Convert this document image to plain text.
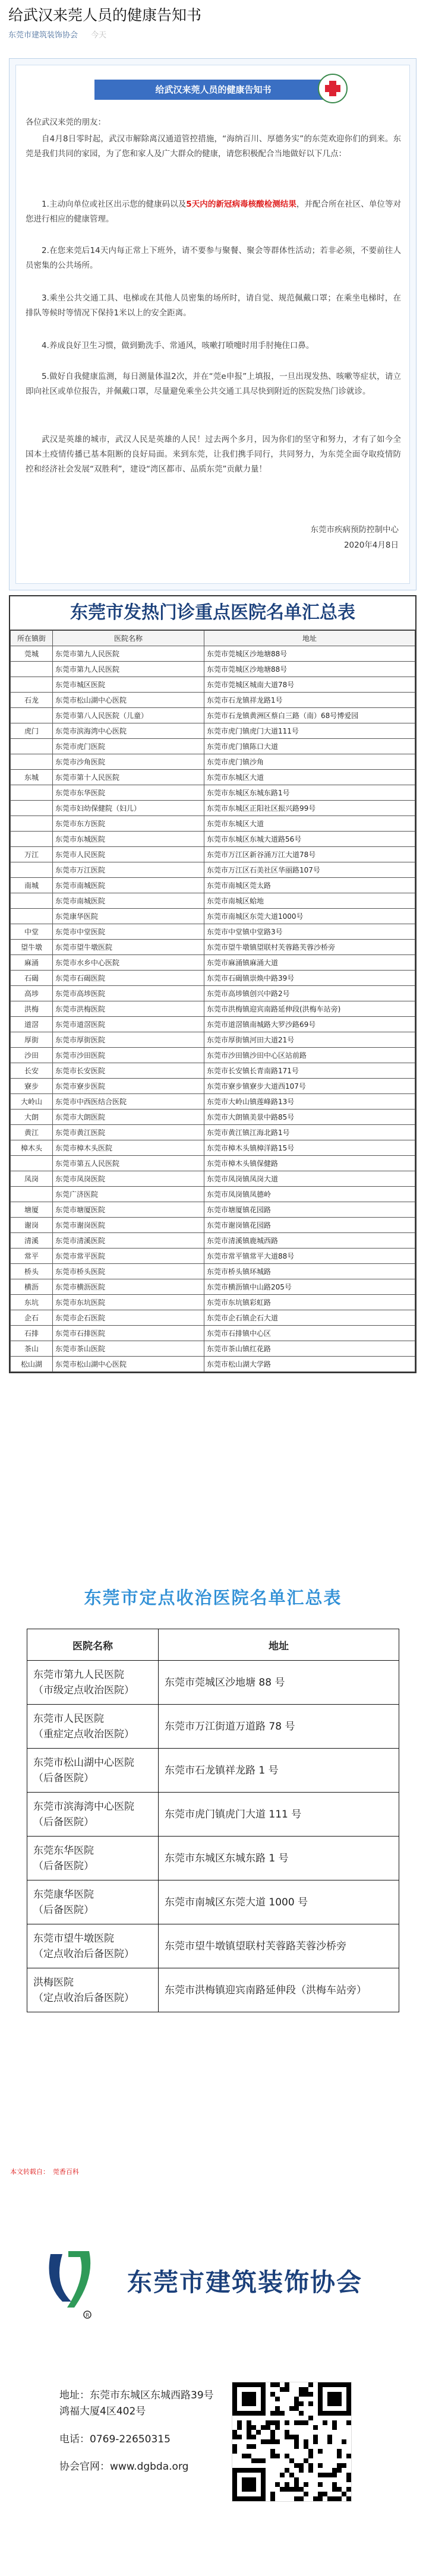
给武汉来莞人员的健康告知书
东莞市建筑装饰协会 今天
给武汉来莞人员的健康告知书
各位武汉来莞的朋友：
自4月8日零时起，武汉市解除离汉通道管控措施，“海纳百川、厚德务实”的东莞欢迎你们的到来。东莞是我们共同的家园，为了您和家人及广大群众的健康，请您积极配合当地做好以下几点：
1.主动向单位或社区出示您的健康码以及5天内的新冠病毒核酸检测结果，并配合所在社区、单位等对您进行相应的健康管理。
2.在您来莞后14天内每正常上下班外，请不要参与聚餐、聚会等群体性活动；若非必须，不要前往人员密集的公共场所。
3.乘坐公共交通工具、电梯或在其他人员密集的场所时，请自觉、规范佩戴口罩；在乘坐电梯时，在排队等候时等情况下保持1米以上的安全距离。
4.养成良好卫生习惯，做到勤洗手、常通风，咳嗽打喷嚏时用手肘掩住口鼻。
5.做好自我健康监测，每日测量体温2次，并在“莞e申报”上填报，一旦出现发热、咳嗽等症状，请立即向社区或单位报告，并佩戴口罩，尽量避免乘坐公共交通工具尽快到附近的医院发热门诊就诊。
武汉是英雄的城市，武汉人民是英雄的人民！过去两个多月，因为你们的坚守和努力，才有了如今全国本土疫情传播已基本阻断的良好局面。来到东莞，让我们携手同行，共同努力，为东莞全面夺取疫情防控和经济社会发展“双胜利”，建设“湾区都市、品质东莞”贡献力量！
东莞市疾病预防控制中心
2020年4月8日
东莞市发热门诊重点医院名单汇总表
所在镇街	医院名称	地址
莞城	东莞市第九人民医院	东莞市莞城区沙地塘88号
	东莞市第九人民医院	东莞市莞城区沙地塘88号
	东莞市城区医院	东莞市莞城区城南大道78号
石龙	东莞市松山湖中心医院	东莞市石龙镇祥龙路1号
	东莞市第八人民医院（儿童）	东莞市石龙镇黄洲区蔡白三路（南）68号博爱园
虎门	东莞市滨海湾中心医院	东莞市虎门镇虎门大道111号
	东莞市虎门医院	东莞市虎门镇陈口大道
	东莞市沙角医院	东莞市虎门镇沙角
东城	东莞市第十人民医院	东莞市东城区大道
	东莞市东华医院	东莞市东城区东城东路1号
	东莞市妇幼保健院（妇儿）	东莞市东城区正阳社区振兴路99号
	东莞市东方医院	东莞市东城区大道
	东莞市东城医院	东莞市东城区东城大道路56号
万江	东莞市人民医院	东莞市万江区新谷涌万江大道78号
	东莞市万江医院	东莞市万江区石美社区华丽路107号
南城	东莞市南城医院	东莞市南城区莞太路
	东莞市南城医院	东莞市南城区蛤地
	东莞康华医院	东莞市南城区东莞大道1000号
中堂	东莞市中堂医院	东莞市中堂镇中堂路3号
望牛墩	东莞市望牛墩医院	东莞市望牛墩镇望联村芙蓉路芙蓉沙桥旁
麻涌	东莞市水乡中心医院	东莞市麻涌镇麻涌大道
石碣	东莞市石碣医院	东莞市石碣镇崇焕中路39号
高埗	东莞市高埗医院	东莞市高埗镇创兴中路2号
洪梅	东莞市洪梅医院	东莞市洪梅镇迎宾南路延伸段(洪梅车站旁)
道滘	东莞市道滘医院	东莞市道滘镇南城路大罗沙路69号
厚街	东莞市厚街医院	东莞市厚街镇河田大道21号
沙田	东莞市沙田医院	东莞市沙田镇沙田中心区站前路
长安	东莞市长安医院	东莞市长安镇长青南路171号
寮步	东莞市寮步医院	东莞市寮步镇寮步大道西107号
大岭山	东莞市中西医结合医院	东莞市大岭山镇莲峰路13号
大朗	东莞市大朗医院	东莞市大朗镇美景中路85号
黄江	东莞市黄江医院	东莞市黄江镇江海北路1号
樟木头	东莞市樟木头医院	东莞市樟木头镇樟洋路15号
	东莞市第五人民医院	东莞市樟木头镇保健路
凤岗	东莞市凤岗医院	东莞市凤岗镇凤岗大道
	东莞广济医院	东莞市凤岗镇凤德岭
塘厦	东莞市塘厦医院	东莞市塘厦镇花园路
谢岗	东莞市谢岗医院	东莞市谢岗镇花园路
清溪	东莞市清溪医院	东莞市清溪镇鹿城西路
常平	东莞市常平医院	东莞市常平镇常平大道88号
桥头	东莞市桥头医院	东莞市桥头镇环城路
横沥	东莞市横沥医院	东莞市横沥镇中山路205号
东坑	东莞市东坑医院	东莞市东坑镇彩虹路
企石	东莞市企石医院	东莞市企石镇企石大道
石排	东莞市石排医院	东莞市石排镇中心区
茶山	东莞市茶山医院	东莞市茶山镇红花路
松山湖	东莞市松山湖中心医院	东莞市松山湖大学路
东莞市定点收治医院名单汇总表
医院名称	地址
东莞市第九人民医院
（市级定点收治医院）	东莞市莞城区沙地塘 88 号
东莞市人民医院
（重症定点收治医院）	东莞市万江街道万道路 78 号
东莞市松山湖中心医院
（后备医院）	东莞市石龙镇祥龙路 1 号
东莞市滨海湾中心医院
（后备医院）	东莞市虎门镇虎门大道 111 号
东莞东华医院
（后备医院）	东莞市东城区东城东路 1 号
东莞康华医院
（后备医院）	东莞市南城区东莞大道 1000 号
东莞市望牛墩医院
（定点收治后备医院）	东莞市望牛墩镇望联村芙蓉路芙蓉沙桥旁
洪梅医院
（定点收治后备医院）	东莞市洪梅镇迎宾南路延伸段（洪梅车站旁）
本文转载自： 莞香百科
R
东莞市建筑装饰协会
地址：东莞市东城区东城西路39号鸿福大厦4区402号
电话：0769-22650315
协会官网：www.dgbda.org
